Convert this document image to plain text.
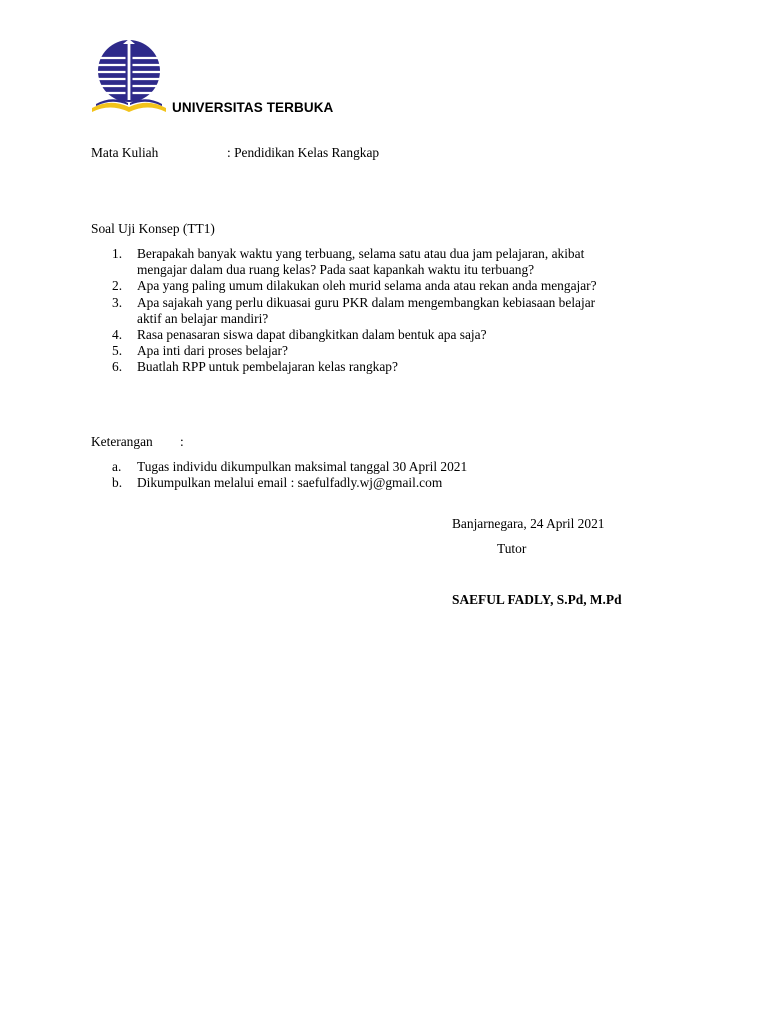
UNIVERSITAS TERBUKA
Mata Kuliah	: Pendidikan Kelas Rangkap
Soal Uji Konsep (TT1)
1. Berapakah banyak waktu yang terbuang, selama satu atau dua jam pelajaran, akibat
mengajar dalam dua ruang kelas? Pada saat kapankah waktu itu terbuang?
2. Apa yang paling umum dilakukan oleh murid selama anda atau rekan anda mengajar?
3. Apa sajakah yang perlu dikuasai guru PKR dalam mengembangkan kebiasaan belajar
aktif an belajar mandiri?
4. Rasa penasaran siswa dapat dibangkitkan dalam bentuk apa saja?
5. Apa inti dari proses belajar?
6. Buatlah RPP untuk pembelajaran kelas rangkap?
Keterangan :
a. Tugas individu dikumpulkan maksimal tanggal 30 April 2021
b. Dikumpulkan melalui email : saefulfadly.wj@gmail.com
Banjarnegara, 24 April 2021
Tutor
SAEFUL FADLY, S.Pd, M.Pd
